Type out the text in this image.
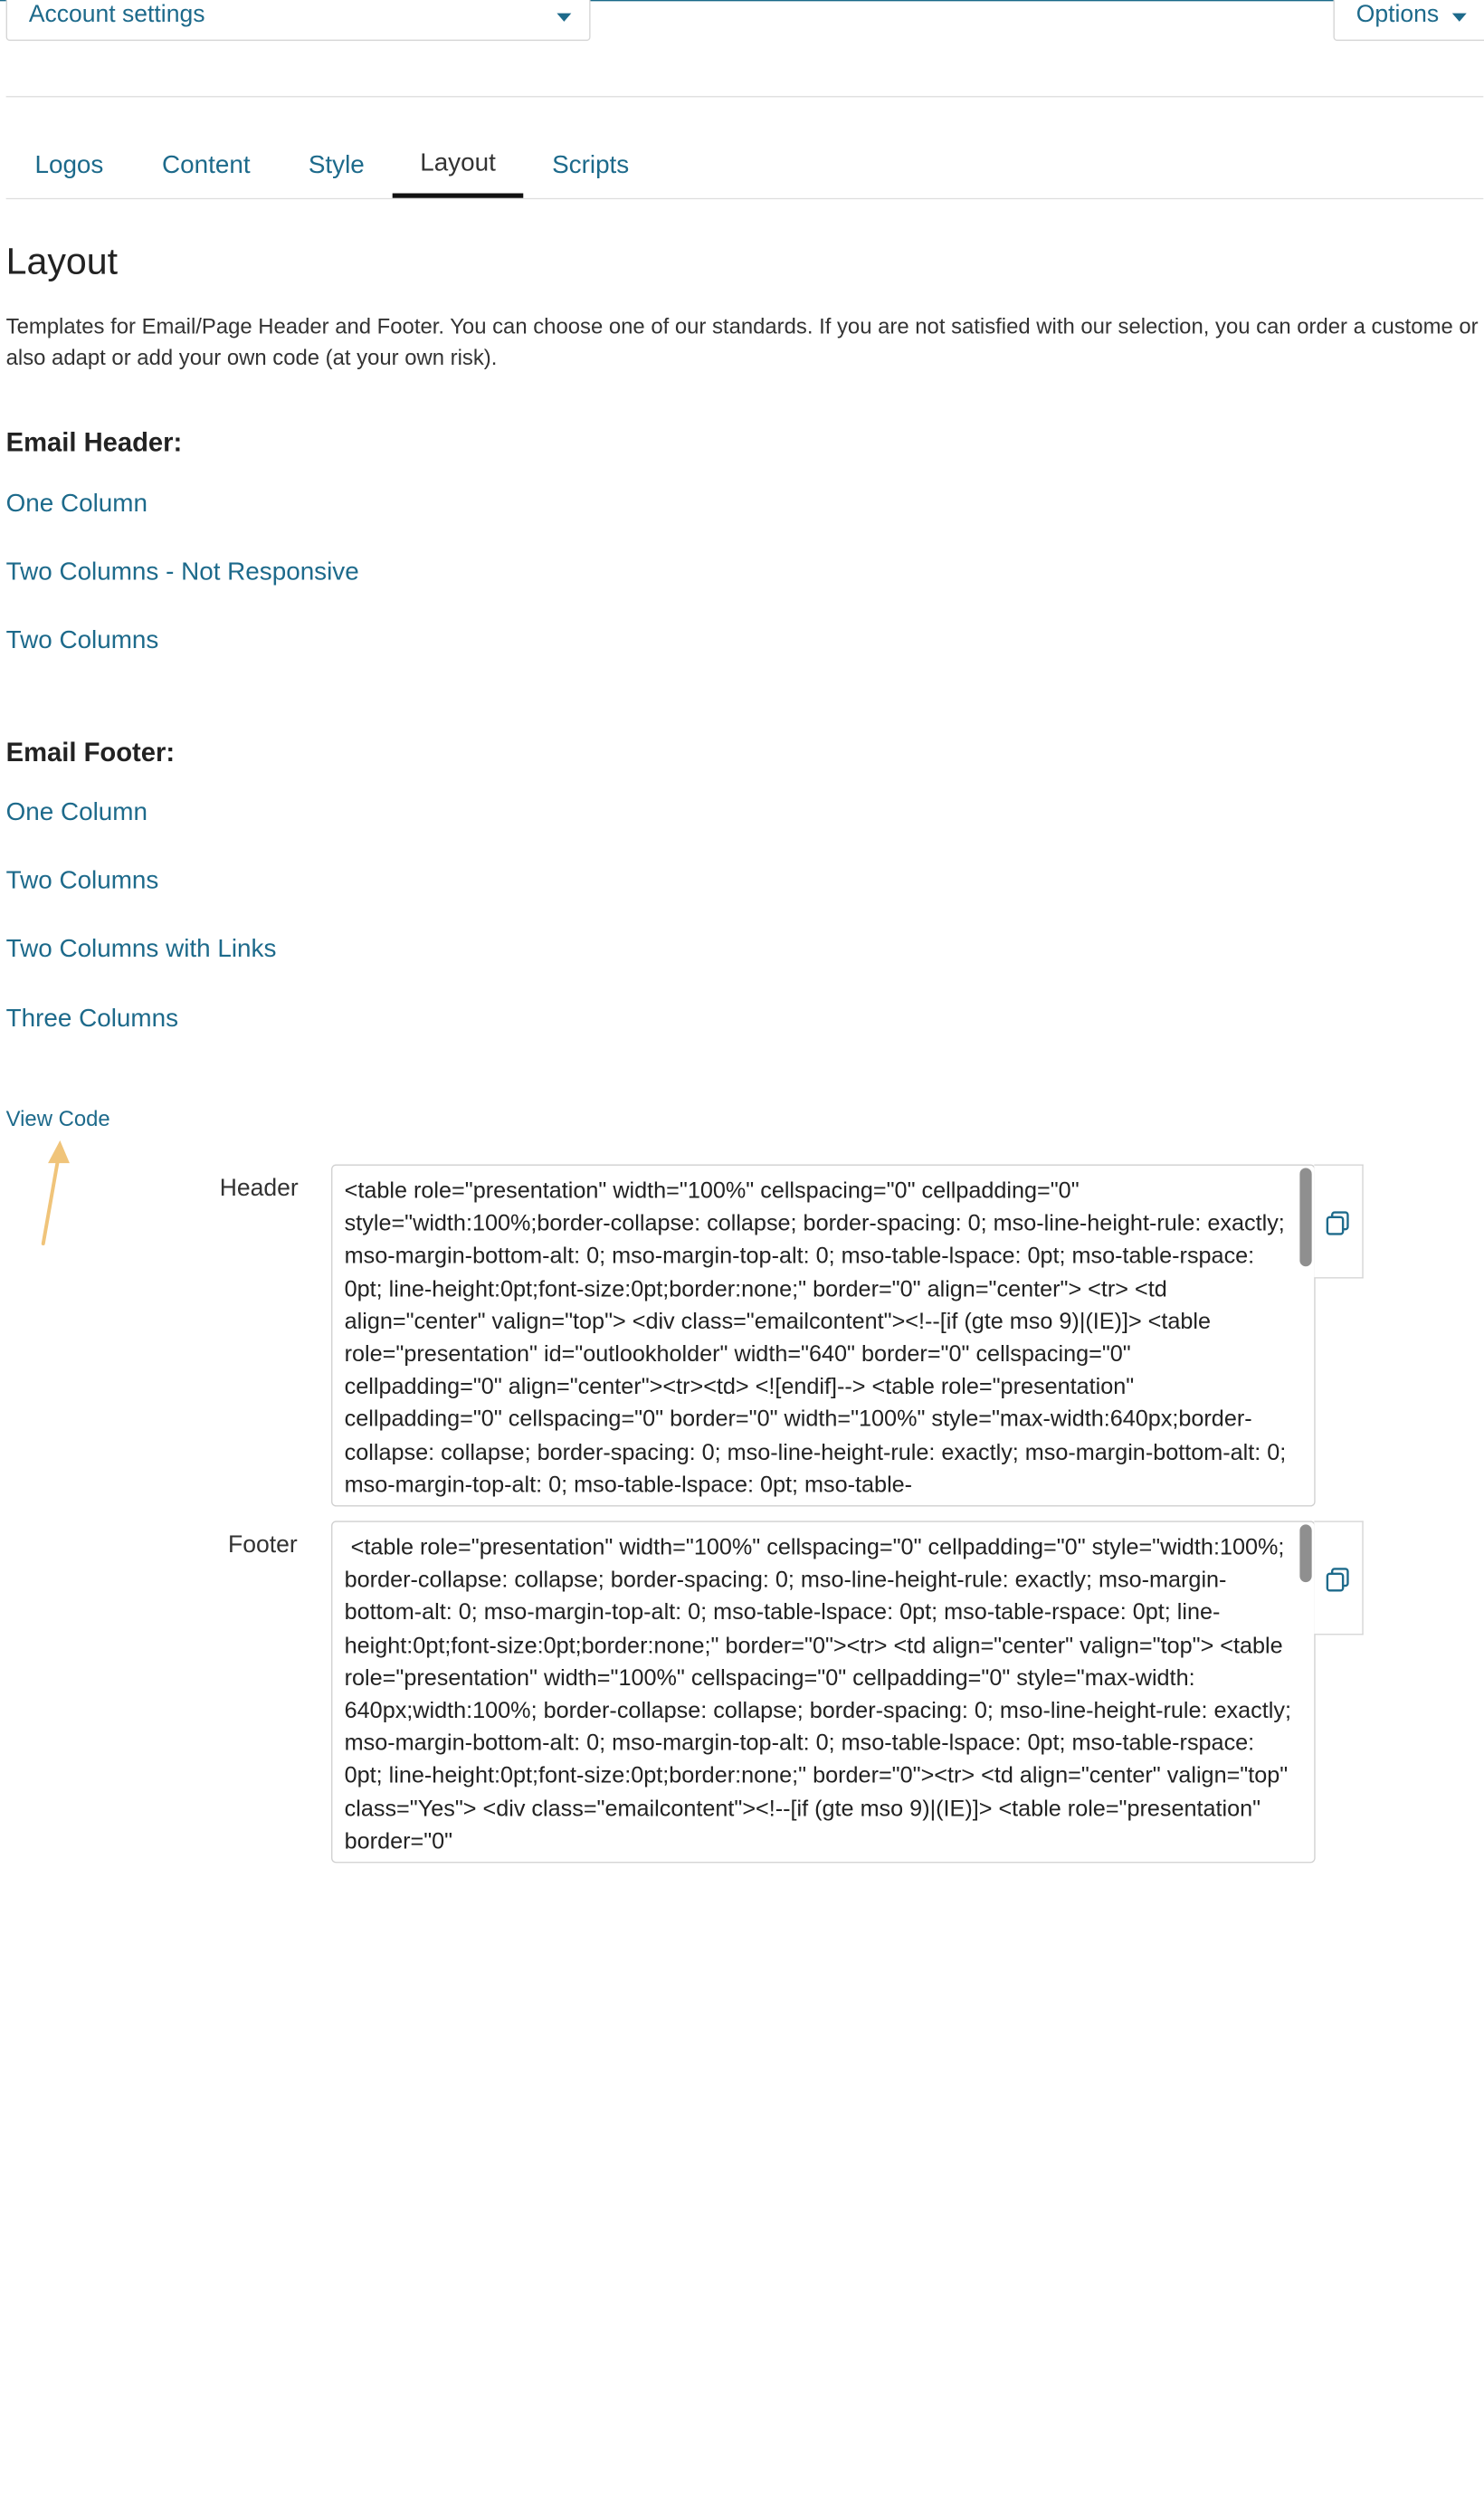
Account settings	Options
Logos	Content	Style	Layout	Scripts
Layout
Templates for Email/Page Header and Footer. You can choose one of our standards. If you are not satisfied with our selection, you can order a custome or
also adapt or add your own code (at your own risk).
Email Header:
One Column
Two Columns - Not Responsive
Two Columns
Email Footer:
One Column
Two Columns
Two Columns with Links
Three Columns
View Code
Header	<table role="presentation" width="100%" cellspacing="0" cellpadding="0" style="width:100%;border-collapse: collapse; border-spacing: 0; mso-line-height-rule: exactly; mso-margin-bottom-alt: 0; mso-margin-top-alt: 0; mso-table-lspace: 0pt; mso-table-rspace: 0pt; line-height:0pt;font-size:0pt;border:none;" border="0" align="center"> <tr> <td align="center" valign="top"> <div class="emailcontent"><!--[if (gte mso 9)|(IE)]> <table role="presentation" id="outlookholder" width="640" border="0" cellspacing="0" cellpadding="0" align="center"><tr><td> <![endif]--> <table role="presentation" cellpadding="0" cellspacing="0" border="0" width="100%" style="max-width:640px;border-collapse: collapse; border-spacing: 0; mso-line-height-rule: exactly; mso-margin-bottom-alt: 0; mso-margin-top-alt: 0; mso-table-lspace: 0pt; mso-table-
Footer	<table role="presentation" width="100%" cellspacing="0" cellpadding="0" style="width:100%; border-collapse: collapse; border-spacing: 0; mso-line-height-rule: exactly; mso-margin-bottom-alt: 0; mso-margin-top-alt: 0; mso-table-lspace: 0pt; mso-table-rspace: 0pt; line-height:0pt;font-size:0pt;border:none;" border="0"><tr> <td align="center" valign="top"> <table role="presentation" width="100%" cellspacing="0" cellpadding="0" style="max-width: 640px;width:100%; border-collapse: collapse; border-spacing: 0; mso-line-height-rule: exactly; mso-margin-bottom-alt: 0; mso-margin-top-alt: 0; mso-table-lspace: 0pt; mso-table-rspace: 0pt; line-height:0pt;font-size:0pt;border:none;" border="0"><tr> <td align="center" valign="top" class="Yes"> <div class="emailcontent"><!--[if (gte mso 9)|(IE)]> <table role="presentation" border="0"
